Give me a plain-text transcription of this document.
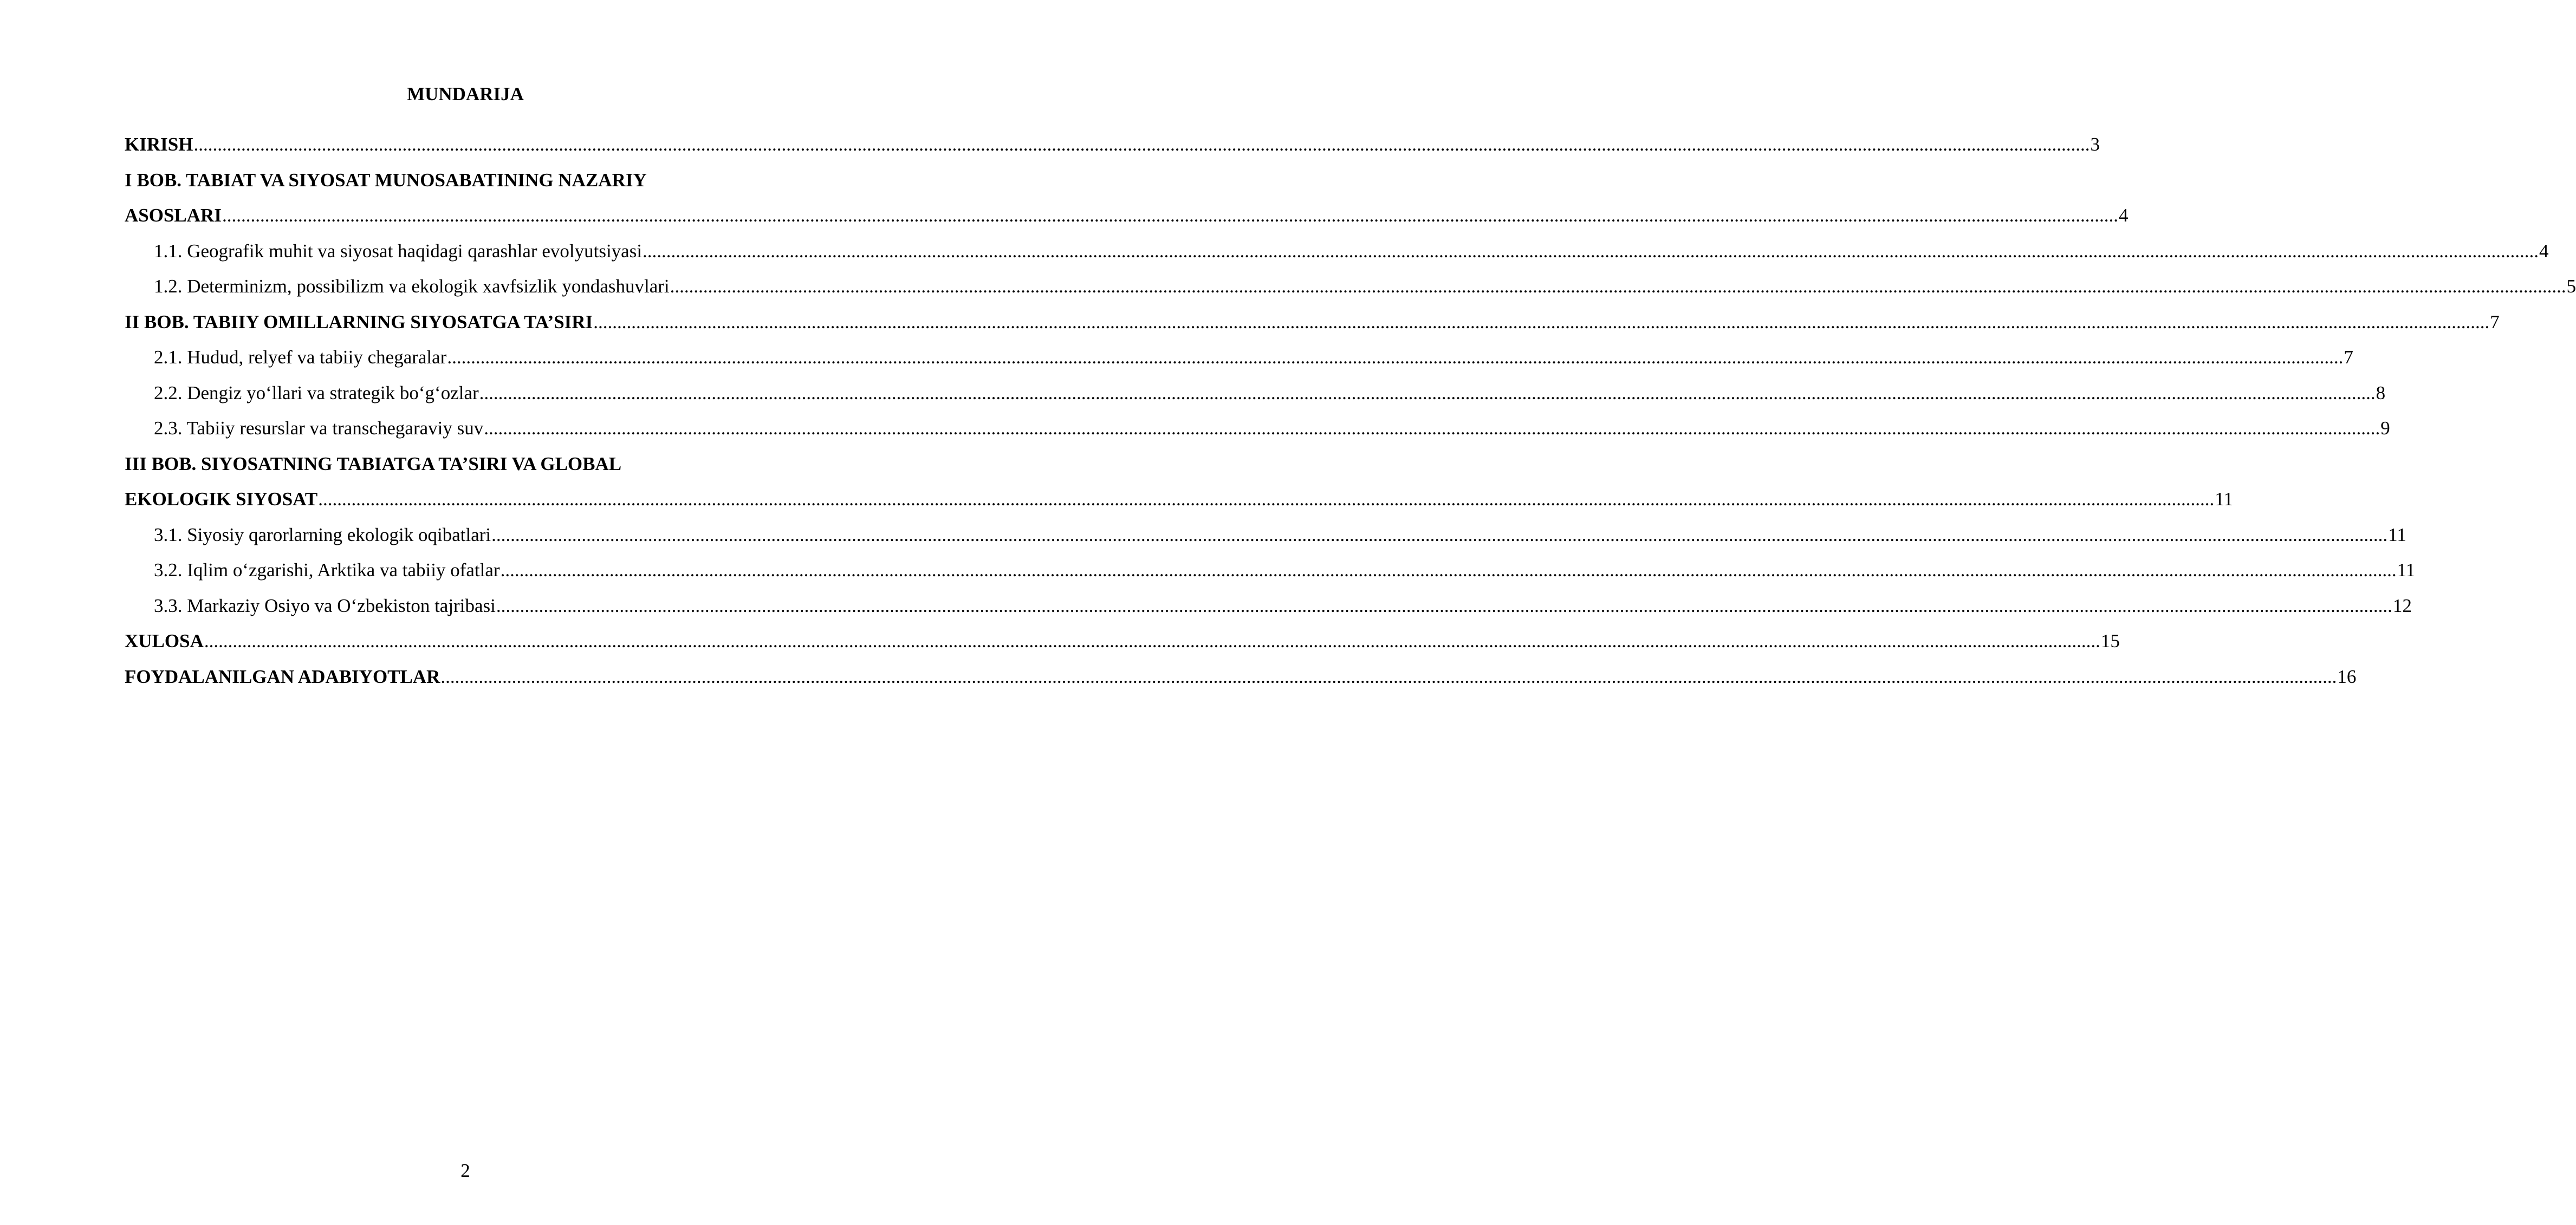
MUNDARIJA
KIRISH ................................................................................................................................................................................................................................................................................................................................................................................................................ 3
I BOB. TABIAT VA SIYOSAT MUNOSABATINING NAZARIY
ASOSLARI ................................................................................................................................................................................................................................................................................................................................................................................................................ 4
1.1. Geografik muhit va siyosat haqidagi qarashlar evolyutsiyasi ................................................................................................................................................................................................................................................................................................................................................................................................................ 4
1.2. Determinizm, possibilizm va ekologik xavfsizlik yondashuvlari ................................................................................................................................................................................................................................................................................................................................................................................................................ 5
II BOB. TABIIY OMILLARNING SIYOSATGA TA’SIRI ................................................................................................................................................................................................................................................................................................................................................................................................................ 7
2.1. Hudud, relyef va tabiiy chegaralar ................................................................................................................................................................................................................................................................................................................................................................................................................ 7
2.2. Dengiz yo‘llari va strategik bo‘g‘ozlar ................................................................................................................................................................................................................................................................................................................................................................................................................ 8
2.3. Tabiiy resurslar va transchegaraviy suv ................................................................................................................................................................................................................................................................................................................................................................................................................ 9
III BOB. SIYOSATNING TABIATGA TA’SIRI VA GLOBAL
EKOLOGIK SIYOSAT ................................................................................................................................................................................................................................................................................................................................................................................................................ 11
3.1. Siyosiy qarorlarning ekologik oqibatlari ................................................................................................................................................................................................................................................................................................................................................................................................................ 11
3.2. Iqlim o‘zgarishi, Arktika va tabiiy ofatlar ................................................................................................................................................................................................................................................................................................................................................................................................................ 11
3.3. Markaziy Osiyo va O‘zbekiston tajribasi ................................................................................................................................................................................................................................................................................................................................................................................................................ 12
XULOSA ................................................................................................................................................................................................................................................................................................................................................................................................................ 15
FOYDALANILGAN ADABIYOTLAR ................................................................................................................................................................................................................................................................................................................................................................................................................ 16
2
